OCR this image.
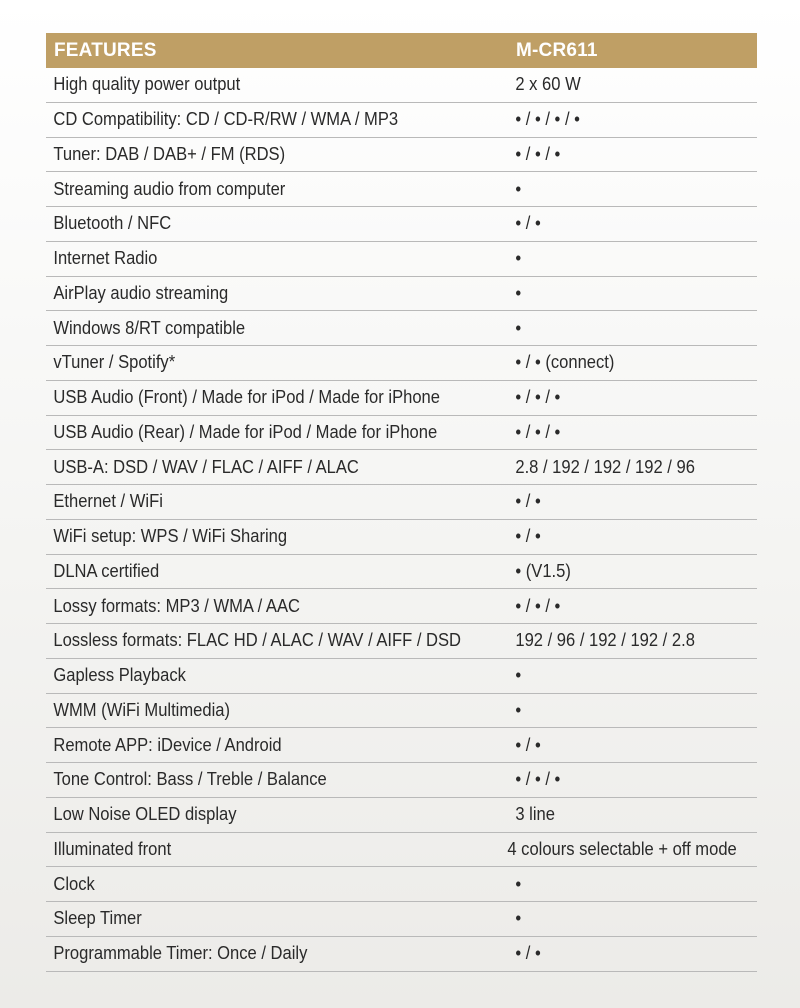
FEATURES	M-CR611
High quality power output	2 x 60 W
CD Compatibility: CD / CD-R/RW / WMA / MP3	• / • / • / •
Tuner: DAB / DAB+ / FM (RDS)	• / • / •
Streaming audio from computer	•
Bluetooth / NFC	• / •
Internet Radio	•
AirPlay audio streaming	•
Windows 8/RT compatible	•
vTuner / Spotify*	• / • (connect)
USB Audio (Front) / Made for iPod / Made for iPhone	• / • / •
USB Audio (Rear) / Made for iPod / Made for iPhone	• / • / •
USB-A: DSD / WAV / FLAC / AIFF / ALAC	2.8 / 192 / 192 / 192 / 96
Ethernet / WiFi	• / •
WiFi setup: WPS / WiFi Sharing	• / •
DLNA certified	• (V1.5)
Lossy formats: MP3 / WMA / AAC	• / • / •
Lossless formats: FLAC HD / ALAC / WAV / AIFF / DSD	192 / 96 / 192 / 192 / 2.8
Gapless Playback	•
WMM (WiFi Multimedia)	•
Remote APP: iDevice / Android	• / •
Tone Control: Bass / Treble / Balance	• / • / •
Low Noise OLED display	3 line
Illuminated front	4 colours selectable + off mode
Clock	•
Sleep Timer	•
Programmable Timer: Once / Daily	• / •
